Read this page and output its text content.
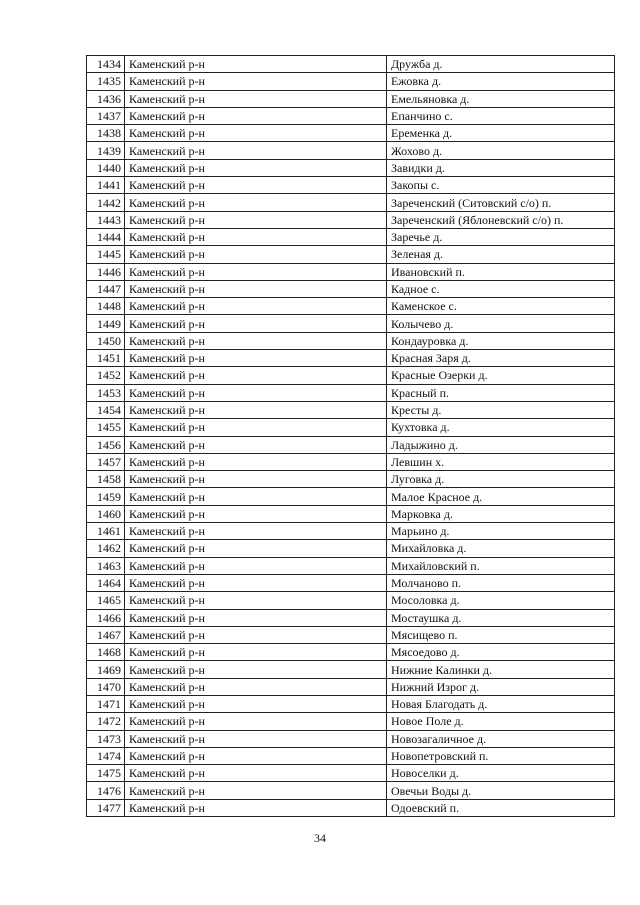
1434	Каменский р-н	Дружба д.
1435	Каменский р-н	Ежовка д.
1436	Каменский р-н	Емельяновка д.
1437	Каменский р-н	Епанчино с.
1438	Каменский р-н	Еременка д.
1439	Каменский р-н	Жохово д.
1440	Каменский р-н	Завидки д.
1441	Каменский р-н	Закопы с.
1442	Каменский р-н	Зареченский (Ситовский с/о) п.
1443	Каменский р-н	Зареченский (Яблоневский с/о) п.
1444	Каменский р-н	Заречье д.
1445	Каменский р-н	Зеленая д.
1446	Каменский р-н	Ивановский п.
1447	Каменский р-н	Кадное с.
1448	Каменский р-н	Каменское с.
1449	Каменский р-н	Колычево д.
1450	Каменский р-н	Кондауровка д.
1451	Каменский р-н	Красная Заря д.
1452	Каменский р-н	Красные Озерки д.
1453	Каменский р-н	Красный п.
1454	Каменский р-н	Кресты д.
1455	Каменский р-н	Кухтовка д.
1456	Каменский р-н	Ладыжино д.
1457	Каменский р-н	Левшин х.
1458	Каменский р-н	Луговка д.
1459	Каменский р-н	Малое Красное д.
1460	Каменский р-н	Марковка д.
1461	Каменский р-н	Марьино д.
1462	Каменский р-н	Михайловка д.
1463	Каменский р-н	Михайловский п.
1464	Каменский р-н	Молчаново п.
1465	Каменский р-н	Мосоловка д.
1466	Каменский р-н	Мостаушка д.
1467	Каменский р-н	Мясищево п.
1468	Каменский р-н	Мясоедово д.
1469	Каменский р-н	Нижние Калинки д.
1470	Каменский р-н	Нижний Изрог д.
1471	Каменский р-н	Новая Благодать д.
1472	Каменский р-н	Новое Поле д.
1473	Каменский р-н	Новозагаличное д.
1474	Каменский р-н	Новопетровский п.
1475	Каменский р-н	Новоселки д.
1476	Каменский р-н	Овечьи Воды д.
1477	Каменский р-н	Одоевский п.
34
